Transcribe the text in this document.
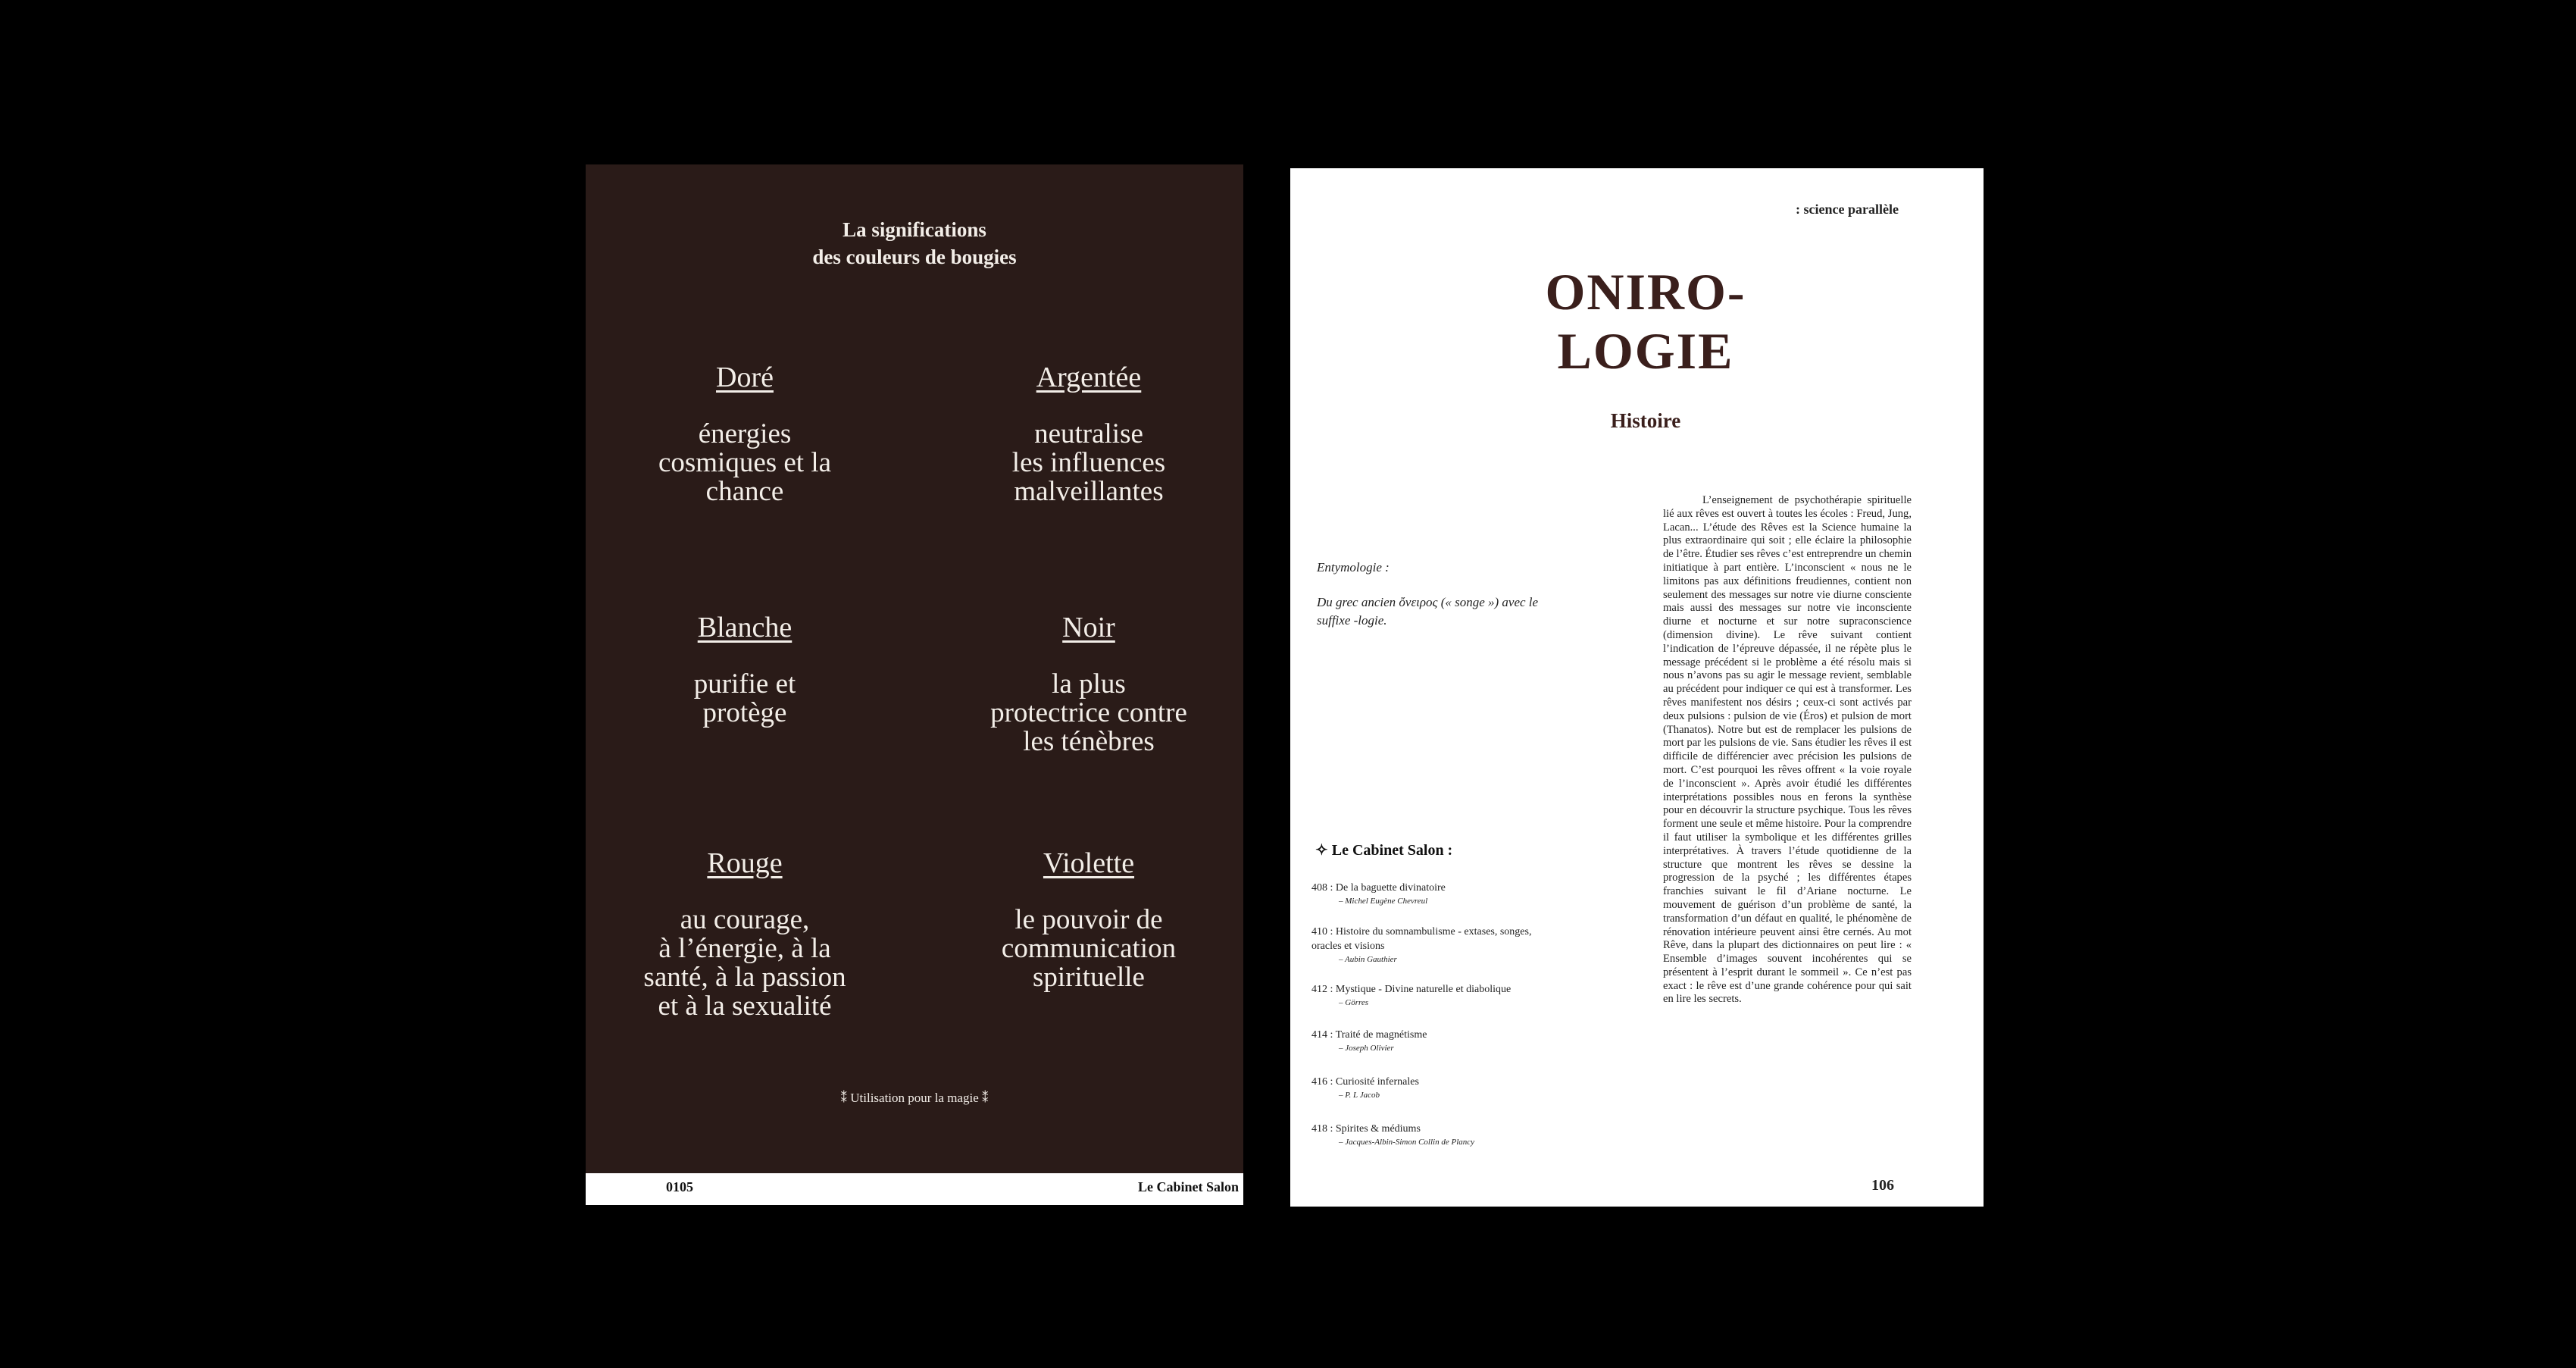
La significations
des couleurs de bougies
Doré
énergies
cosmiques et la
chance
Argentée
neutralise
les influences
malveillantes
Blanche
purifie et
protège
Noir
la plus
protectrice contre
les ténèbres
Rouge
au courage,
à l’énergie, à la
santé, à la passion
et à la sexualité
Violette
le pouvoir de
communication
spirituelle
⁑ Utilisation pour la magie ⁑
0105	Le Cabinet Salon
: science parallèle
ONIRO-
LOGIE
Histoire

Entymologie :

Du grec ancien ὄνειρος (« songe ») avec le suffixe -logie.

✧ Le Cabinet Salon :
408 : De la baguette divinatoire
– Michel Eugène Chevreul
410 : Histoire du somnambulisme - extases, songes, oracles et visions
– Aubin Gauthier
412 : Mystique - Divine naturelle et diabolique
– Görres
414 : Traité de magnétisme
– Joseph Olivier
416 : Curiosité infernales
– P. L Jacob
418 : Spirites & médiums
– Jacques-Albin-Simon Collin de Plancy
L’enseignement de psychothérapie spirituelle lié aux rêves est ouvert à toutes les écoles : Freud, Jung, Lacan... L’étude des Rêves est la Science humaine la plus extraordinaire qui soit ; elle éclaire la philosophie de l’être. Étudier ses rêves c’est entreprendre un chemin initiatique à part entière. L’inconscient « nous ne le limitons pas aux définitions freudiennes, contient non seulement des messages sur notre vie diurne consciente mais aussi des messages sur notre vie inconsciente diurne et nocturne et sur notre supraconscience (dimension divine). Le rêve suivant contient l’indication de l’épreuve dépassée, il ne répète plus le message précédent si le problème a été résolu mais si nous n’avons pas su agir le message revient, semblable au précédent pour indiquer ce qui est à transformer. Les rêves manifestent nos désirs ; ceux-ci sont activés par deux pulsions : pulsion de vie (Éros) et pulsion de mort (Thanatos). Notre but est de remplacer les pulsions de mort par les pulsions de vie. Sans étudier les rêves il est difficile de différencier avec précision les pulsions de mort. C’est pourquoi les rêves offrent « la voie royale de l’inconscient ». Après avoir étudié les différentes interprétations possibles nous en ferons la synthèse pour en découvrir la structure psychique. Tous les rêves forment une seule et même histoire. Pour la comprendre il faut utiliser la symbolique et les différentes grilles interprétatives. À travers l’étude quotidienne de la structure que montrent les rêves se dessine la progression de la psyché ; les différentes étapes franchies suivant le fil d’Ariane nocturne. Le mouvement de guérison d’un problème de santé, la transformation d’un défaut en qualité, le phénomène de rénovation intérieure peuvent ainsi être cernés. Au mot Rêve, dans la plupart des dictionnaires on peut lire : « Ensemble d’images souvent incohérentes qui se présentent à l’esprit durant le sommeil ». Ce n’est pas exact : le rêve est d’une grande cohérence pour qui sait en lire les secrets.
106
